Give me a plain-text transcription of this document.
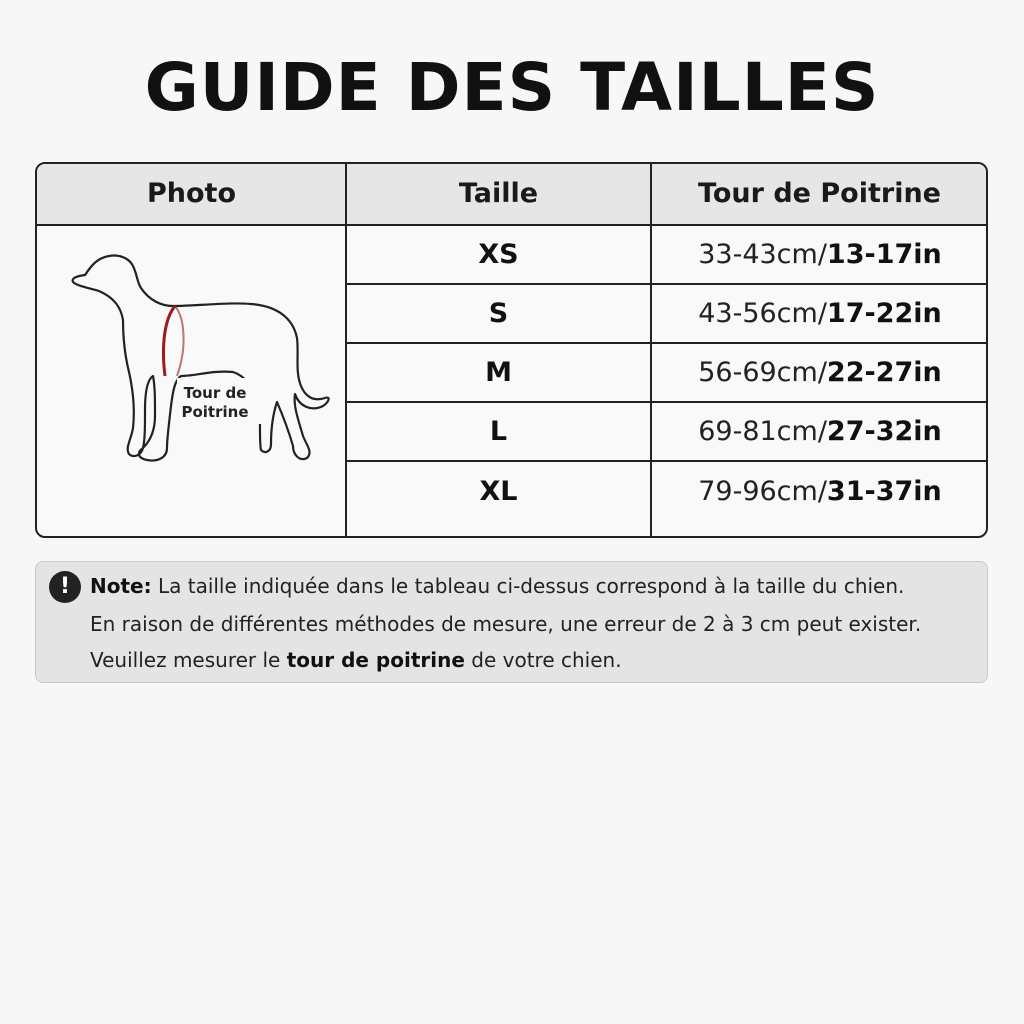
GUIDE DES TAILLES
Photo	Taille	Tour de Poitrine
Tour de
Poitrine
XS	33-43cm/13-17in
S	43-56cm/17-22in
M	56-69cm/22-27in
L	69-81cm/27-32in
XL	79-96cm/31-37in
! Note: La taille indiquée dans le tableau ci-dessus correspond à la taille du chien.
En raison de différentes méthodes de mesure, une erreur de 2 à 3 cm peut exister.
Veuillez mesurer le tour de poitrine de votre chien.
